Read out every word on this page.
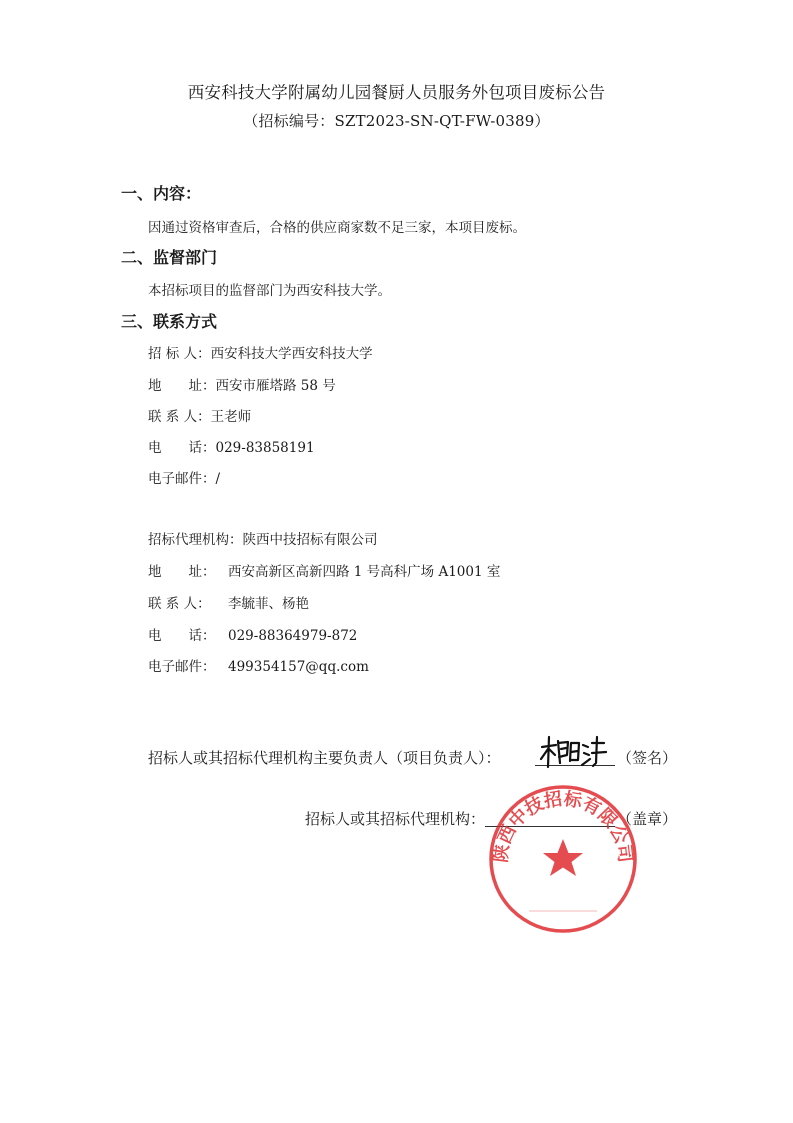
西安科技大学附属幼儿园餐厨人员服务外包项目废标公告
（招标编号：SZT2023-SN-QT-FW-0389）
一、内容：
因通过资格审查后，合格的供应商家数不足三家，本项目废标。
二、监督部门
本招标项目的监督部门为西安科技大学。
三、联系方式
招 标 人：西安科技大学西安科技大学
地　　址：西安市雁塔路 58 号
联 系 人：王老师
电　　话：029-83858191
电子邮件：/
招标代理机构：陕西中技招标有限公司
地　　址： 西安高新区高新四路 1 号高科广场 A1001 室
联 系 人： 李毓菲、杨艳
电　　话： 029-88364979-872
电子邮件： 499354157@qq.com
招标人或其招标代理机构主要负责人（项目负责人）：	（签名）
招标人或其招标代理机构：	（盖章）
陕西中技招标有限公司
